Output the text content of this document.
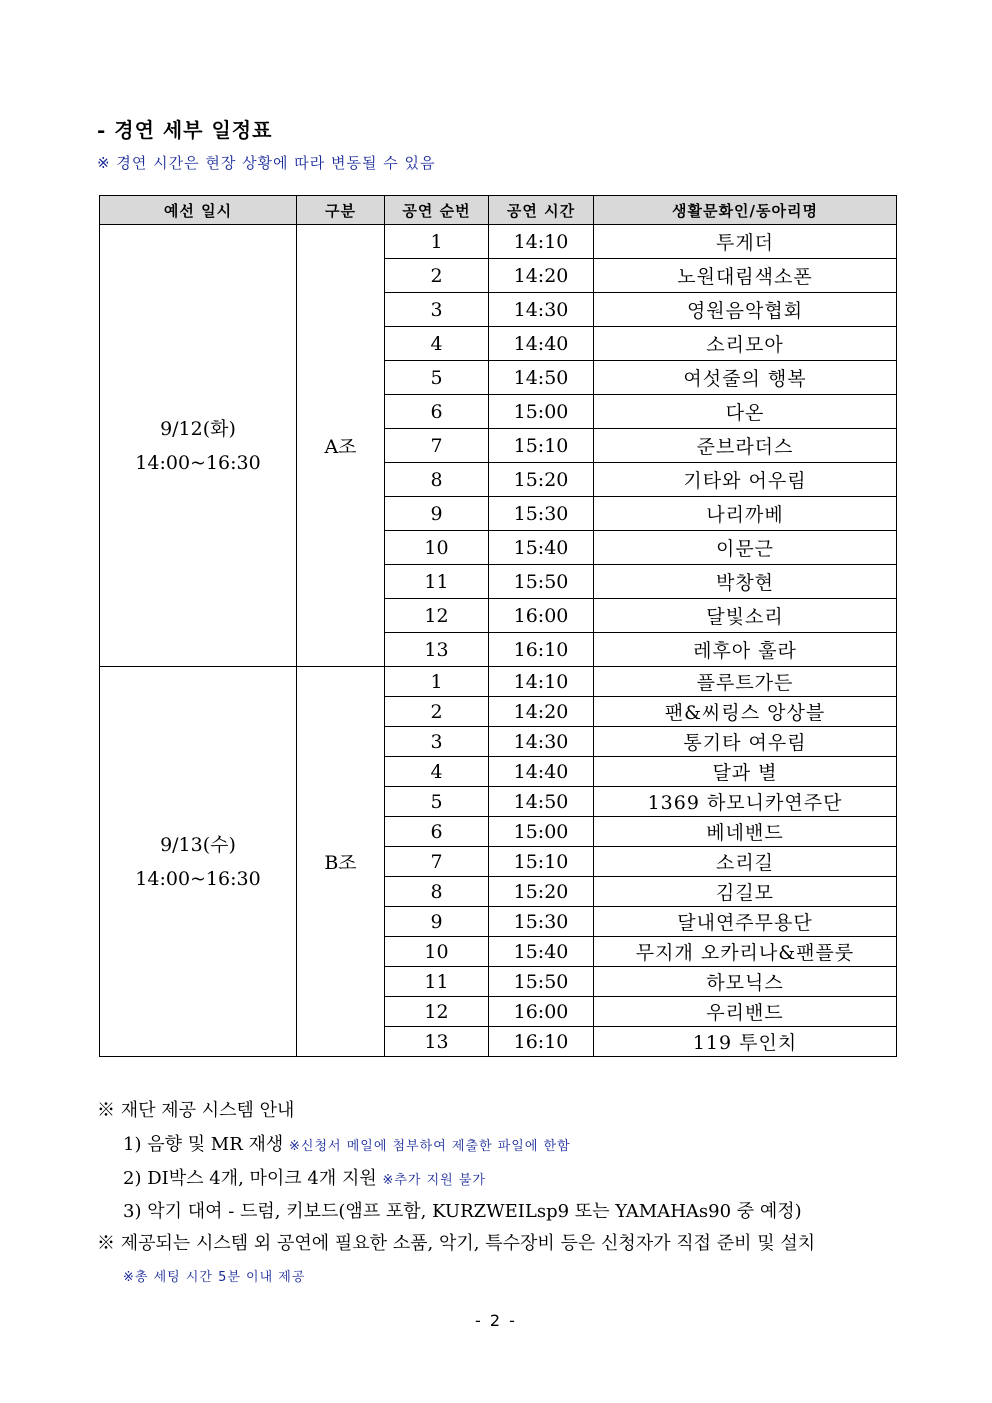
- 경연 세부 일정표
※ 경연 시간은 현장 상황에 따라 변동될 수 있음
예선 일시	구분	공연 순번	공연 시간	생활문화인/동아리명

9/12(화)
14:00~16:30	A조	1	14:10	투게더
		2	14:20	노원대림색소폰
		3	14:30	영원음악협회
		4	14:40	소리모아
		5	14:50	여섯줄의 행복
		6	15:00	다온
		7	15:10	준브라더스
		8	15:20	기타와 어우림
		9	15:30	나리까베
		10	15:40	이문근
		11	15:50	박창현
		12	16:00	달빛소리
		13	16:10	레후아 훌라

9/13(수)
14:00~16:30	B조	1	14:10	플루트가든
		2	14:20	팬&씨링스 앙상블
		3	14:30	통기타 여우림
		4	14:40	달과 별
		5	14:50	1369 하모니카연주단
		6	15:00	베네밴드
		7	15:10	소리길
		8	15:20	김길모
		9	15:30	달내연주무용단
		10	15:40	무지개 오카리나&팬플룻
		11	15:50	하모닉스
		12	16:00	우리밴드
		13	16:10	119 투인치
※ 재단 제공 시스템 안내
1) 음향 및 MR 재생 ※신청서 메일에 첨부하여 제출한 파일에 한함
2) DI박스 4개, 마이크 4개 지원 ※추가 지원 불가
3) 악기 대여 - 드럼, 키보드(앰프 포함, KURZWEILsp9 또는 YAMAHAs90 중 예정)
※ 제공되는 시스템 외 공연에 필요한 소품, 악기, 특수장비 등은 신청자가 직접 준비 및 설치
※총 세팅 시간 5분 이내 제공
- 2 -
